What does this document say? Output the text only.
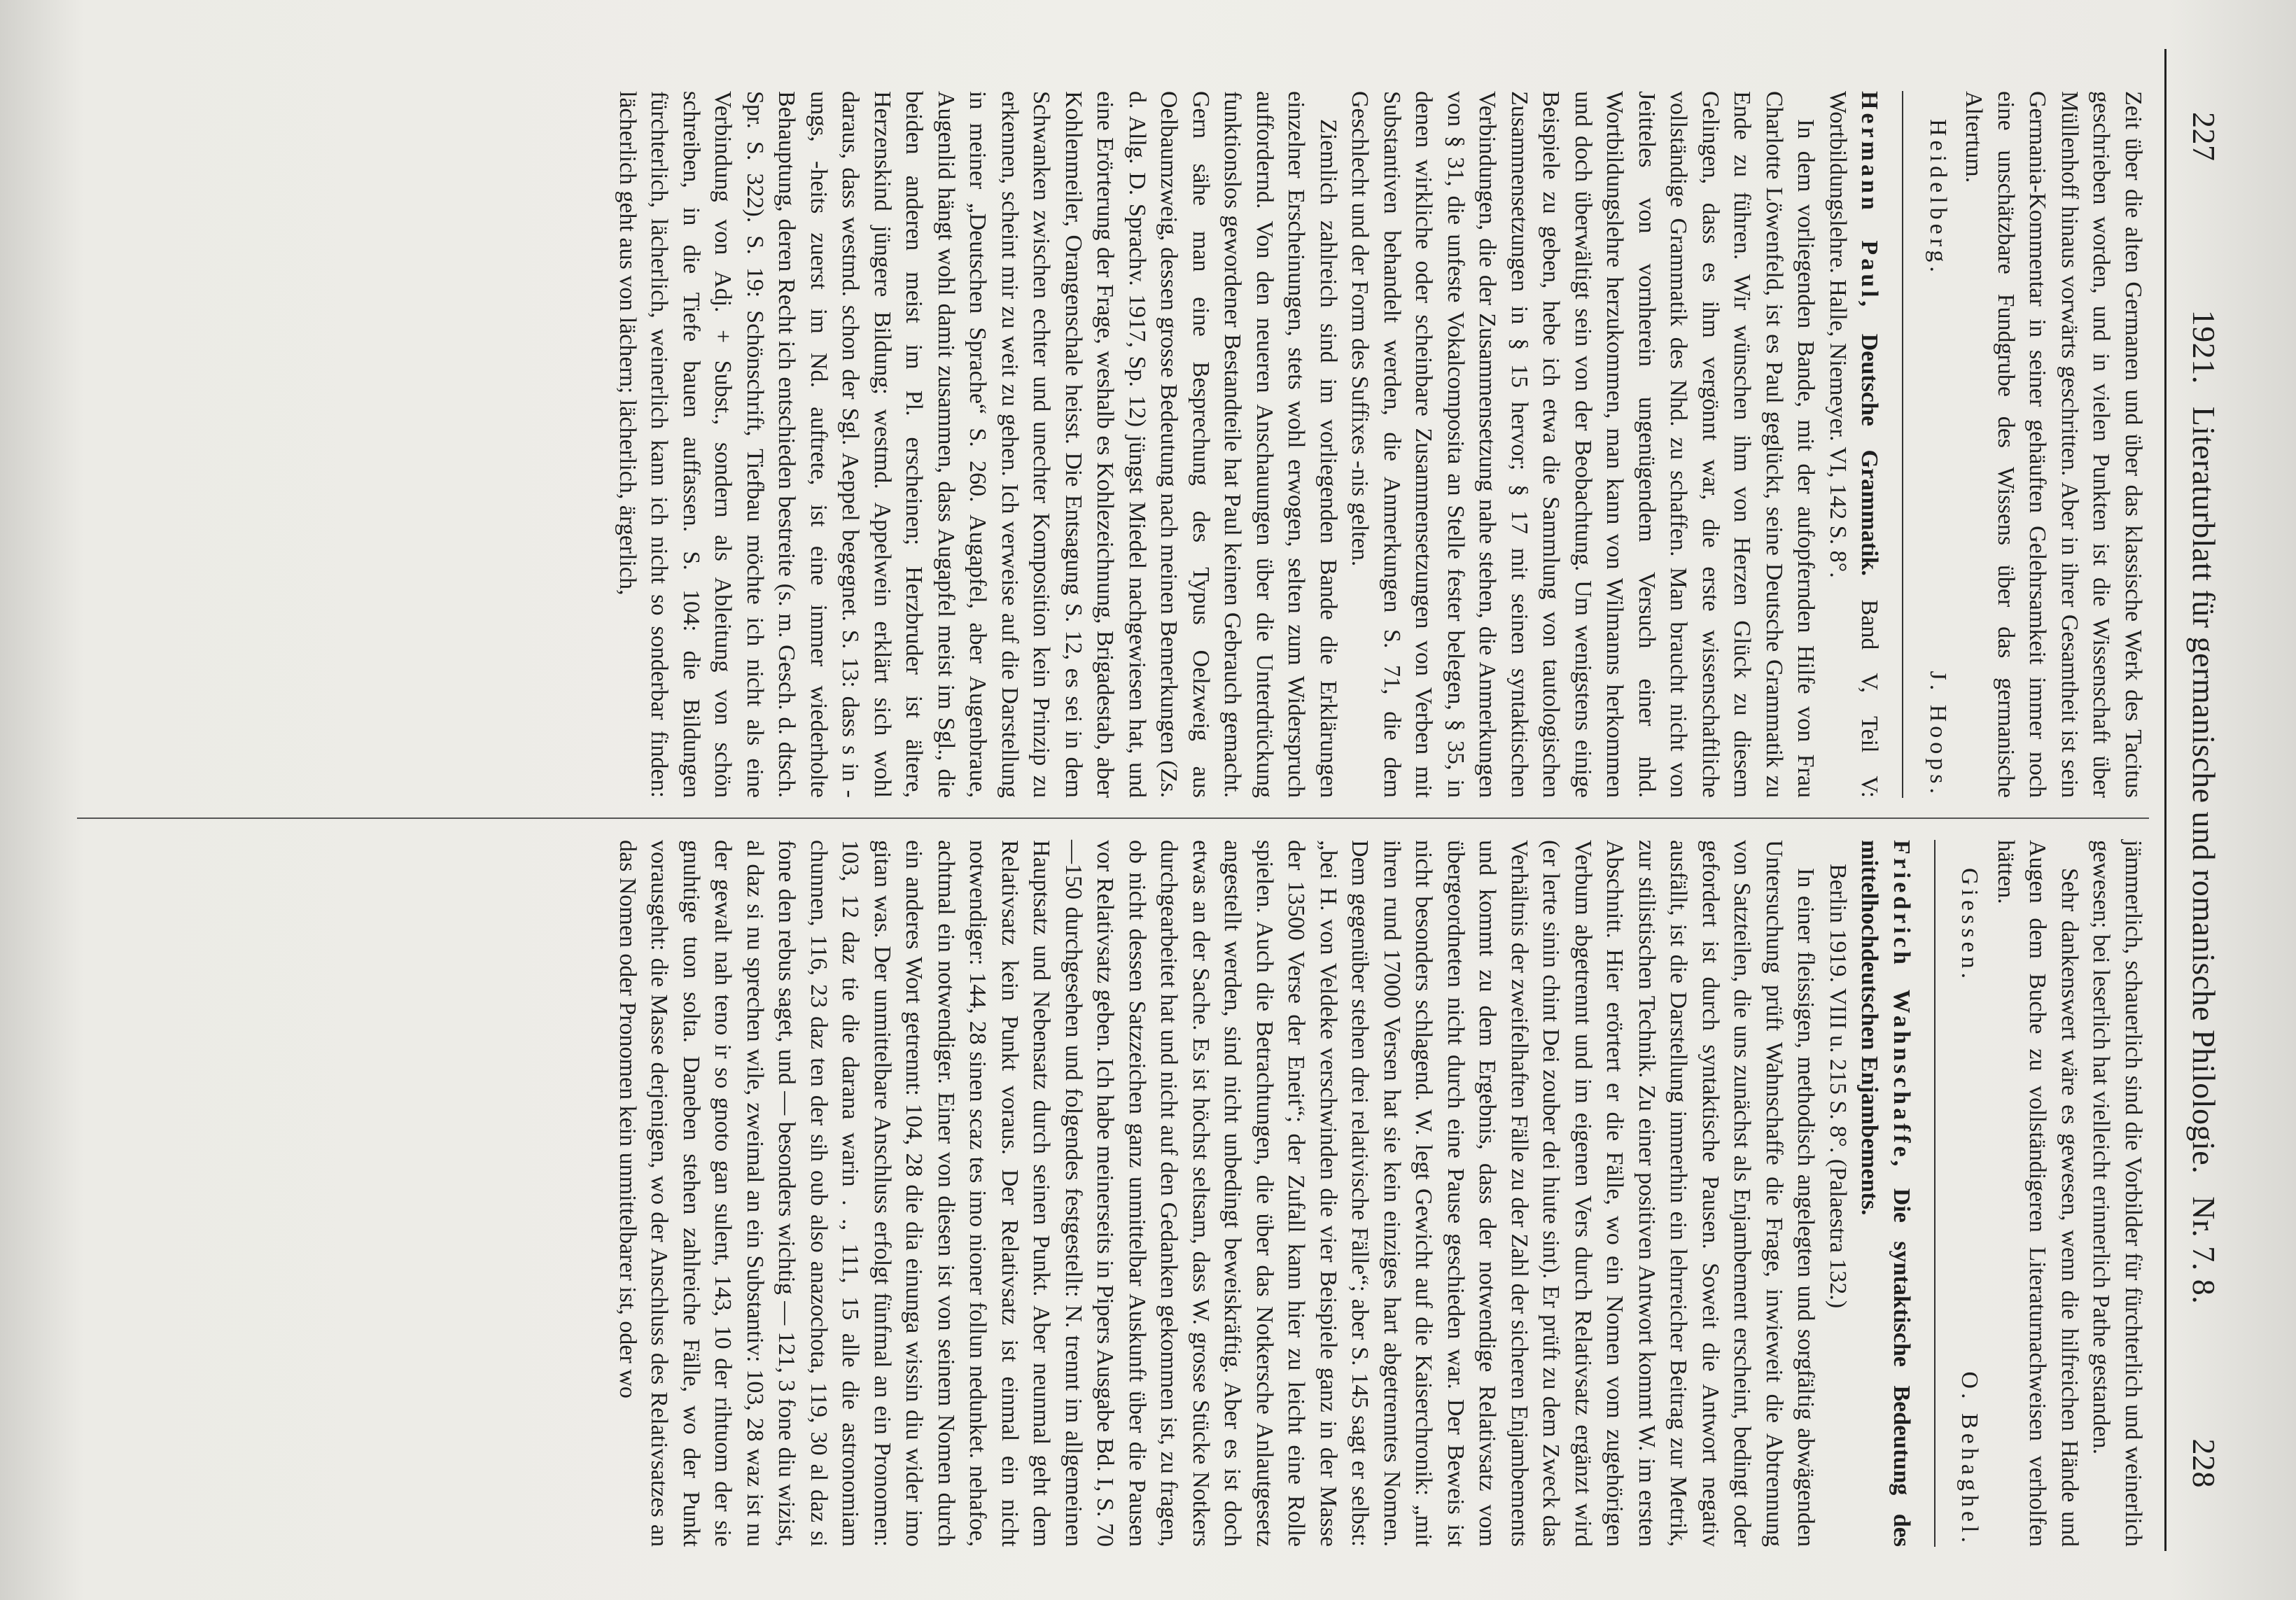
227
1921. Literaturblatt für germanische und romanische Philologie. Nr. 7. 8.
228

Zeit über die alten Germanen und über das klassische Werk des Tacitus geschrieben worden, und in vielen Punkten ist die Wissenschaft über Müllenhoff hinaus vorwärts geschritten. Aber in ihrer Gesamtheit ist sein Germania-Kommentar in seiner gehäuften Gelehrsamkeit immer noch eine unschätzbare Fundgrube des Wissens über das germanische Altertum.

Heidelberg.
J. Hoops.

Hermann Paul, Deutsche Grammatik. Band V, Teil V: Wortbildungslehre. Halle, Niemeyer. VI, 142 S. 8°.

In dem vorliegenden Bande, mit der aufopfernden Hilfe von Frau Charlotte Löwenfeld, ist es Paul geglückt, seine Deutsche Grammatik zu Ende zu führen. Wir wünschen ihm von Herzen Glück zu diesem Gelingen, dass es ihm vergönnt war, die erste wissenschaftliche vollständige Grammatik des Nhd. zu schaffen. Man braucht nicht von Jeitteles von vornherein ungenügendem Versuch einer nhd. Wortbildungslehre herzukommen, man kann von Wilmanns herkommen und doch überwältigt sein von der Beobachtung. Um wenigstens einige Beispiele zu geben, hebe ich etwa die Sammlung von tautologischen Zusammensetzungen in § 15 hervor; § 17 mit seinen syntaktischen Verbindungen, die der Zusammensetzung nahe stehen, die Anmerkungen von § 31, die unfeste Vokalcomposita an Stelle fester belegen, § 35, in denen wirkliche oder scheinbare Zusammensetzungen von Verben mit Substantiven behandelt werden, die Anmerkungen S. 71, die dem Geschlecht und der Form des Suffixes -nis gelten.

Ziemlich zahlreich sind im vorliegenden Bande die Erklärungen einzelner Erscheinungen, stets wohl erwogen, selten zum Widerspruch auffordernd. Von den neueren Anschauungen über die Unterdrückung funktionslos gewordener Bestandteile hat Paul keinen Gebrauch gemacht. Gern sähe man eine Besprechung des Typus Oelzweig aus Oelbaumzweig, dessen grosse Bedeutung nach meinen Bemerkungen (Zs. d. Allg. D. Sprachv. 1917, Sp. 12) jüngst Miedel nachgewiesen hat, und eine Erörterung der Frage, weshalb es Kohlezeichnung, Brigadestab, aber Kohlenmeiler, Orangenschale heisst. Die Entsagung S. 12, es sei in dem Schwanken zwischen echter und unechter Komposition kein Prinzip zu erkennen, scheint mir zu weit zu gehen. Ich verweise auf die Darstellung in meiner „Deutschen Sprache“ S. 260. Augapfel, aber Augenbraue, Augenlid hängt wohl damit zusammen, dass Augapfel meist im Sgl., die beiden anderen meist im Pl. erscheinen; Herzbruder ist ältere, Herzenskind jüngere Bildung; westmd. Appelwein erklärt sich wohl daraus, dass westmd. schon der Sgl. Aeppel begegnet. S. 13: dass s in -ungs, -heits zuerst im Nd. auftrete, ist eine immer wiederholte Behauptung, deren Recht ich entschieden bestreite (s. m. Gesch. d. dtsch. Spr. S. 322). S. 19: Schönschrift, Tiefbau möchte ich nicht als eine Verbindung von Adj. + Subst., sondern als Ableitung von schön schreiben, in die Tiefe bauen auffassen. S. 104: die Bildungen fürchterlich, lächerlich, weinerlich kann ich nicht so sonderbar finden: lächerlich geht aus von lächern; lächerlich, ärgerlich,

jämmerlich, schauerlich sind die Vorbilder für fürchterlich und weinerlich gewesen; bei leserlich hat vielleicht erinnerlich Pathe gestanden.

Sehr dankenswert wäre es gewesen, wenn die hilfreichen Hände und Augen dem Buche zu vollständigeren Literaturnachweisen verholfen hätten.

Giessen.
O. Behaghel.

Friedrich Wahnschaffe, Die syntaktische Bedeutung des mittelhochdeutschen Enjambements.
Berlin 1919. VIII u. 215 S. 8°. (Palaestra 132.)

In einer fleissigen, methodisch angelegten und sorgfältig abwägenden Untersuchung prüft Wahnschaffe die Frage, inwieweit die Abtrennung von Satzteilen, die uns zunächst als Enjambement erscheint, bedingt oder gefordert ist durch syntaktische Pausen. Soweit die Antwort negativ ausfällt, ist die Darstellung immerhin ein lehrreicher Beitrag zur Metrik, zur stilistischen Technik. Zu einer positiven Antwort kommt W. im ersten Abschnitt. Hier erörtert er die Fälle, wo ein Nomen vom zugehörigen Verbum abgetrennt und im eigenen Vers durch Relativsatz ergänzt wird (er lerte sinin chint Dei zouber dei hiute sint). Er prüft zu dem Zweck das Verhältnis der zweifelhaften Fälle zu der Zahl der sicheren Enjambements und kommt zu dem Ergebnis, dass der notwendige Relativsatz vom übergeordneten nicht durch eine Pause geschieden war. Der Beweis ist nicht besonders schlagend. W. legt Gewicht auf die Kaiserchronik: „mit ihren rund 17000 Versen hat sie kein einziges hart abgetrenntes Nomen. Dem gegenüber stehen drei relativische Fälle“; aber S. 145 sagt er selbst: „bei H. von Veldeke verschwinden die vier Beispiele ganz in der Masse der 13500 Verse der Eneit“; der Zufall kann hier zu leicht eine Rolle spielen. Auch die Betrachtungen, die über das Notkersche Anlautgesetz angestellt werden, sind nicht unbedingt beweiskräftig. Aber es ist doch etwas an der Sache. Es ist höchst seltsam, dass W. grosse Stücke Notkers durchgearbeitet hat und nicht auf den Gedanken gekommen ist, zu fragen, ob nicht dessen Satzzeichen ganz unmittelbar Auskunft über die Pausen vor Relativsatz geben. Ich habe meinerseits in Pipers Ausgabe Bd. I, S. 70—150 durchgesehen und folgendes festgestellt: N. trennt im allgemeinen Hauptsatz und Nebensatz durch seinen Punkt. Aber neunmal geht dem Relativsatz kein Punkt voraus. Der Relativsatz ist einmal ein nicht notwendiger: 144, 28 sinen scaz tes imo nioner follun nedunket. nehafoe, achtmal ein notwendiger. Einer von diesen ist von seinem Nomen durch ein anderes Wort getrennt: 104, 28 die dia einunga wissin diu wider imo gitan was. Der unmittelbare Anschluss erfolgt fünfmal an ein Pronomen: 103, 12 daz tie die darana warin . ., 111, 15 alle die astronomiam chunnen, 116, 23 daz ten der sih oub also anazochota, 119, 30 al daz si fone den rebus saget, und — besonders wichtig — 121, 3 fone diu wizist, al daz si nu sprechen wile, zweimal an ein Substantiv: 103, 28 waz ist nu der gewalt nah teno ir so gnoto gan sulent, 143, 10 der rihtuom der sie gnuhtige tuon solta. Daneben stehen zahlreiche Fälle, wo der Punkt vorausgeht: die Masse derjenigen, wo der Anschluss des Relativsatzes an das Nomen oder Pronomen kein unmittelbarer ist, oder wo
